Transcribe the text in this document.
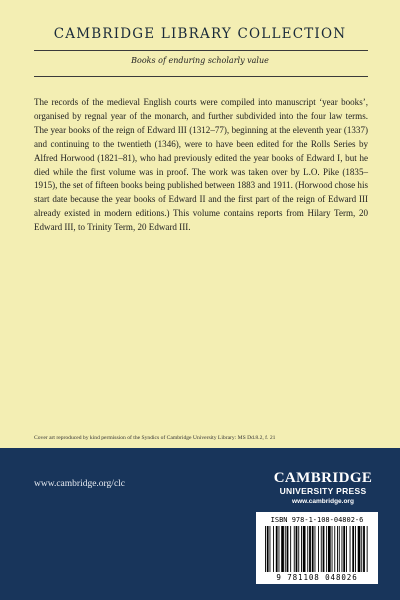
CAMBRIDGE LIBRARY COLLECTION
Books of enduring scholarly value

The records of the medieval English courts were compiled into manuscript ‘year books’, organised by regnal year of the monarch, and further subdivided into the four law terms. The year books of the reign of Edward III (1312–77), beginning at the eleventh year (1337) and continuing to the twentieth (1346), were to have been edited for the Rolls Series by Alfred Horwood (1821–81), who had previously edited the year books of Edward I, but he died while the first volume was in proof. The work was taken over by L.O. Pike (1835–1915), the set of fifteen books being published between 1883 and 1911. (Horwood chose his start date because the year books of Edward II and the first part of the reign of Edward III already existed in modern editions.) This volume contains reports from Hilary Term, 20 Edward III, to Trinity Term, 20 Edward III.

Cover art reproduced by kind permission of the Syndics of Cambridge University Library: MS Dd.8.2, f. 21
www.cambridge.org/clc	CAMBRIDGE
UNIVERSITY PRESS
www.cambridge.org
ISBN 978-1-108-04802-6
9 781108 048026
